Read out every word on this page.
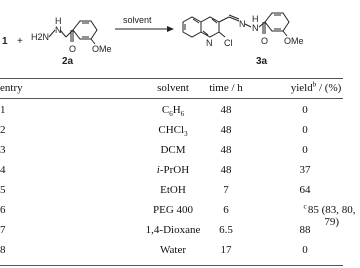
1 + H2N
N
H
O OMe
2a
solvent
N Cl
N N
H
O OMe
3a
entry	solvent	time / h	yield$^b$ / (%)
1	$C_6H_6$	48	0
2	CHCl$_3$	48	0
3	DCM	48	0
4	i-PrOH	48	37
5	EtOH	7	64
6	PEG 400	6	85 (83, 80, 79)
$^c$
7	1,4-Dioxane	6.5	88
8	Water	17	0
